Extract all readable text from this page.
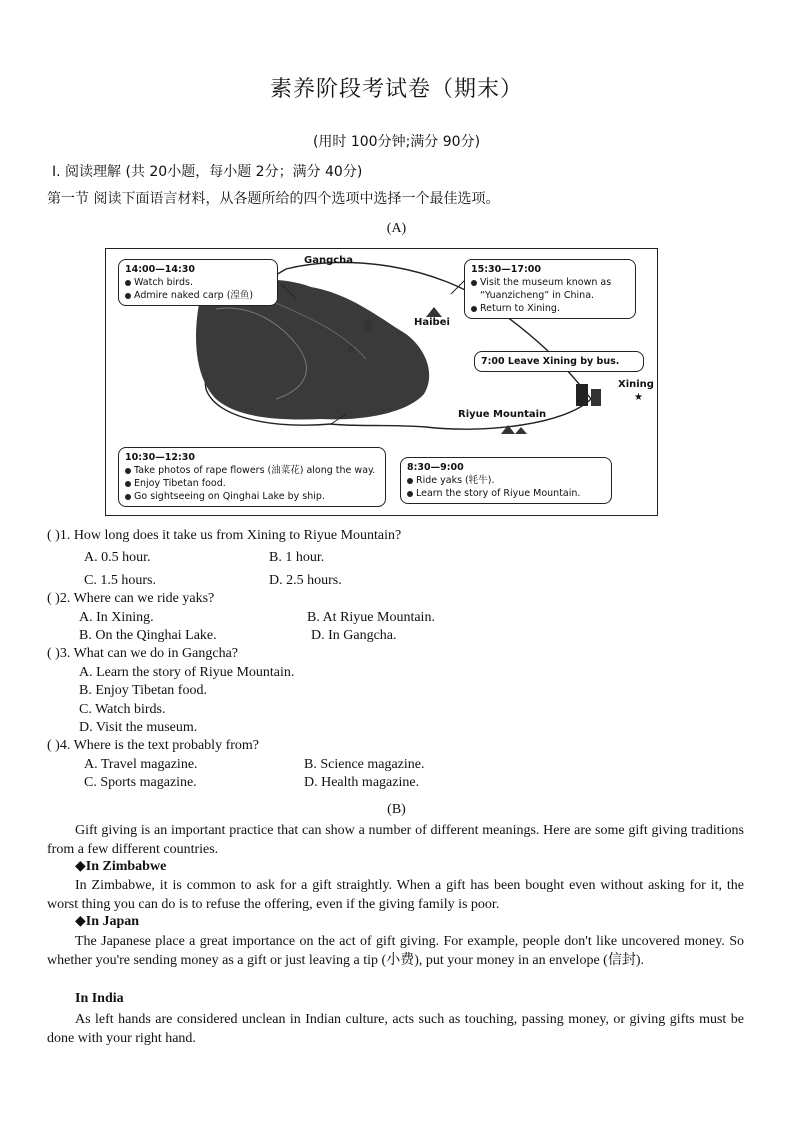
素养阶段考试卷（期末）
(用时 100分钟;满分 90分)
Ⅰ. 阅读理解 (共 20小题，每小题 2分；满分 40分)
第一节 阅读下面语言材料，从各题所给的四个选项中选择一个最佳选项。
(A)
Gangcha
Haibei
Xining
★
Riyue Mountain
14:00—14:30
Watch birds.
Admire naked carp (湟鱼)
15:30—17:00
Visit the museum known as
“Yuanzicheng” in China.
Return to Xining.
7:00 Leave Xining by bus.
10:30—12:30
Take photos of rape flowers (油菜花) along the way.
Enjoy Tibetan food.
Go sightseeing on Qinghai Lake by ship.
8:30—9:00
Ride yaks (牦牛).
Learn the story of Riyue Mountain.
( )1. How long does it take us from Xining to Riyue Mountain?
A. 0.5 hour.	B. 1 hour.
C. 1.5 hours.	D. 2.5 hours.
( )2. Where can we ride yaks?
A. In Xining.	B. At Riyue Mountain.
B. On the Qinghai Lake.	D. In Gangcha.
( )3. What can we do in Gangcha?
A. Learn the story of Riyue Mountain.
B. Enjoy Tibetan food.
C. Watch birds.
D. Visit the museum.
( )4. Where is the text probably from?
A. Travel magazine.	B. Science magazine.
C. Sports magazine.	D. Health magazine.
(B)
Gift giving is an important practice that can show a number of different meanings. Here are some gift giving traditions from a few different countries.
◆In Zimbabwe
In Zimbabwe, it is common to ask for a gift straightly. When a gift has been bought even without asking for it, the worst thing you can do is to refuse the offering, even if the giving family is poor.
◆In Japan
The Japanese place a great importance on the act of gift giving. For example, people don't like uncovered money. So whether you're sending money as a gift or just leaving a tip (小费), put your money in an envelope (信封).
In India
As left hands are considered unclean in Indian culture, acts such as touching, passing money, or giving gifts must be done with your right hand.
